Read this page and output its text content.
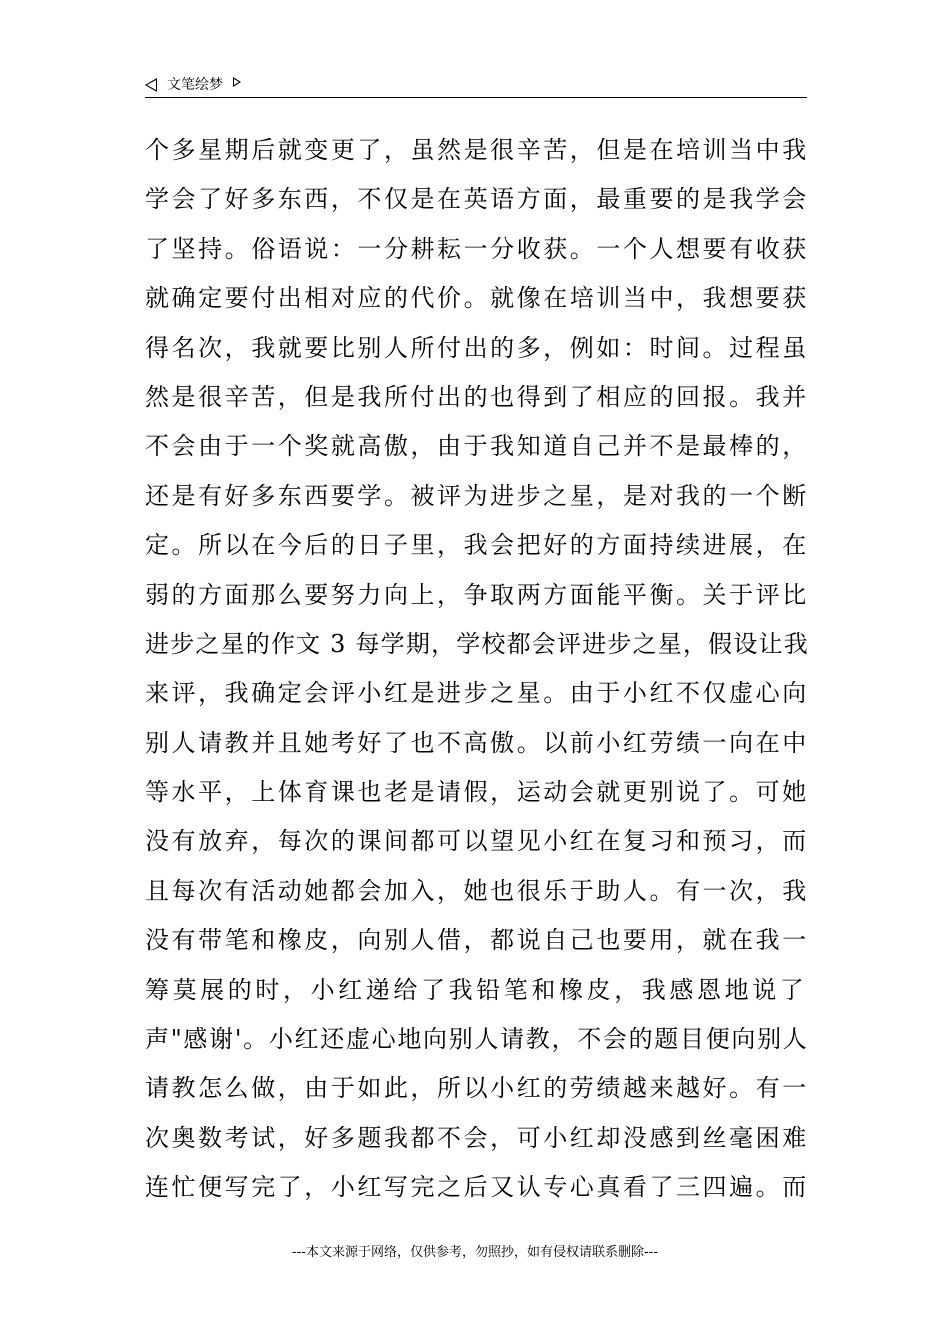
文笔绘梦
个多星期后就变更了，虽然是很辛苦，但是在培训当中我
学会了好多东西，不仅是在英语方面，最重要的是我学会
了坚持。俗语说：一分耕耘一分收获。一个人想要有收获
就确定要付出相对应的代价。就像在培训当中，我想要获
得名次，我就要比别人所付出的多，例如：时间。过程虽
然是很辛苦，但是我所付出的也得到了相应的回报。我并
不会由于一个奖就高傲，由于我知道自己并不是最棒的，
还是有好多东西要学。被评为进步之星，是对我的一个断
定。所以在今后的日子里，我会把好的方面持续进展，在
弱的方面那么要努力向上，争取两方面能平衡。关于评比
进步之星的作文 3 每学期，学校都会评进步之星，假设让我
来评，我确定会评小红是进步之星。由于小红不仅虚心向
别人请教并且她考好了也不高傲。以前小红劳绩一向在中
等水平，上体育课也老是请假，运动会就更别说了。可她
没有放弃，每次的课间都可以望见小红在复习和预习，而
且每次有活动她都会加入，她也很乐于助人。有一次，我
没有带笔和橡皮，向别人借，都说自己也要用，就在我一
筹莫展的时，小红递给了我铅笔和橡皮，我感恩地说了
声"感谢'。小红还虚心地向别人请教，不会的题目便向别人
请教怎么做，由于如此，所以小红的劳绩越来越好。有一
次奥数考试，好多题我都不会，可小红却没感到丝毫困难
连忙便写完了，小红写完之后又认专心真看了三四遍。而
---本文来源于网络，仅供参考，勿照抄，如有侵权请联系删除---
